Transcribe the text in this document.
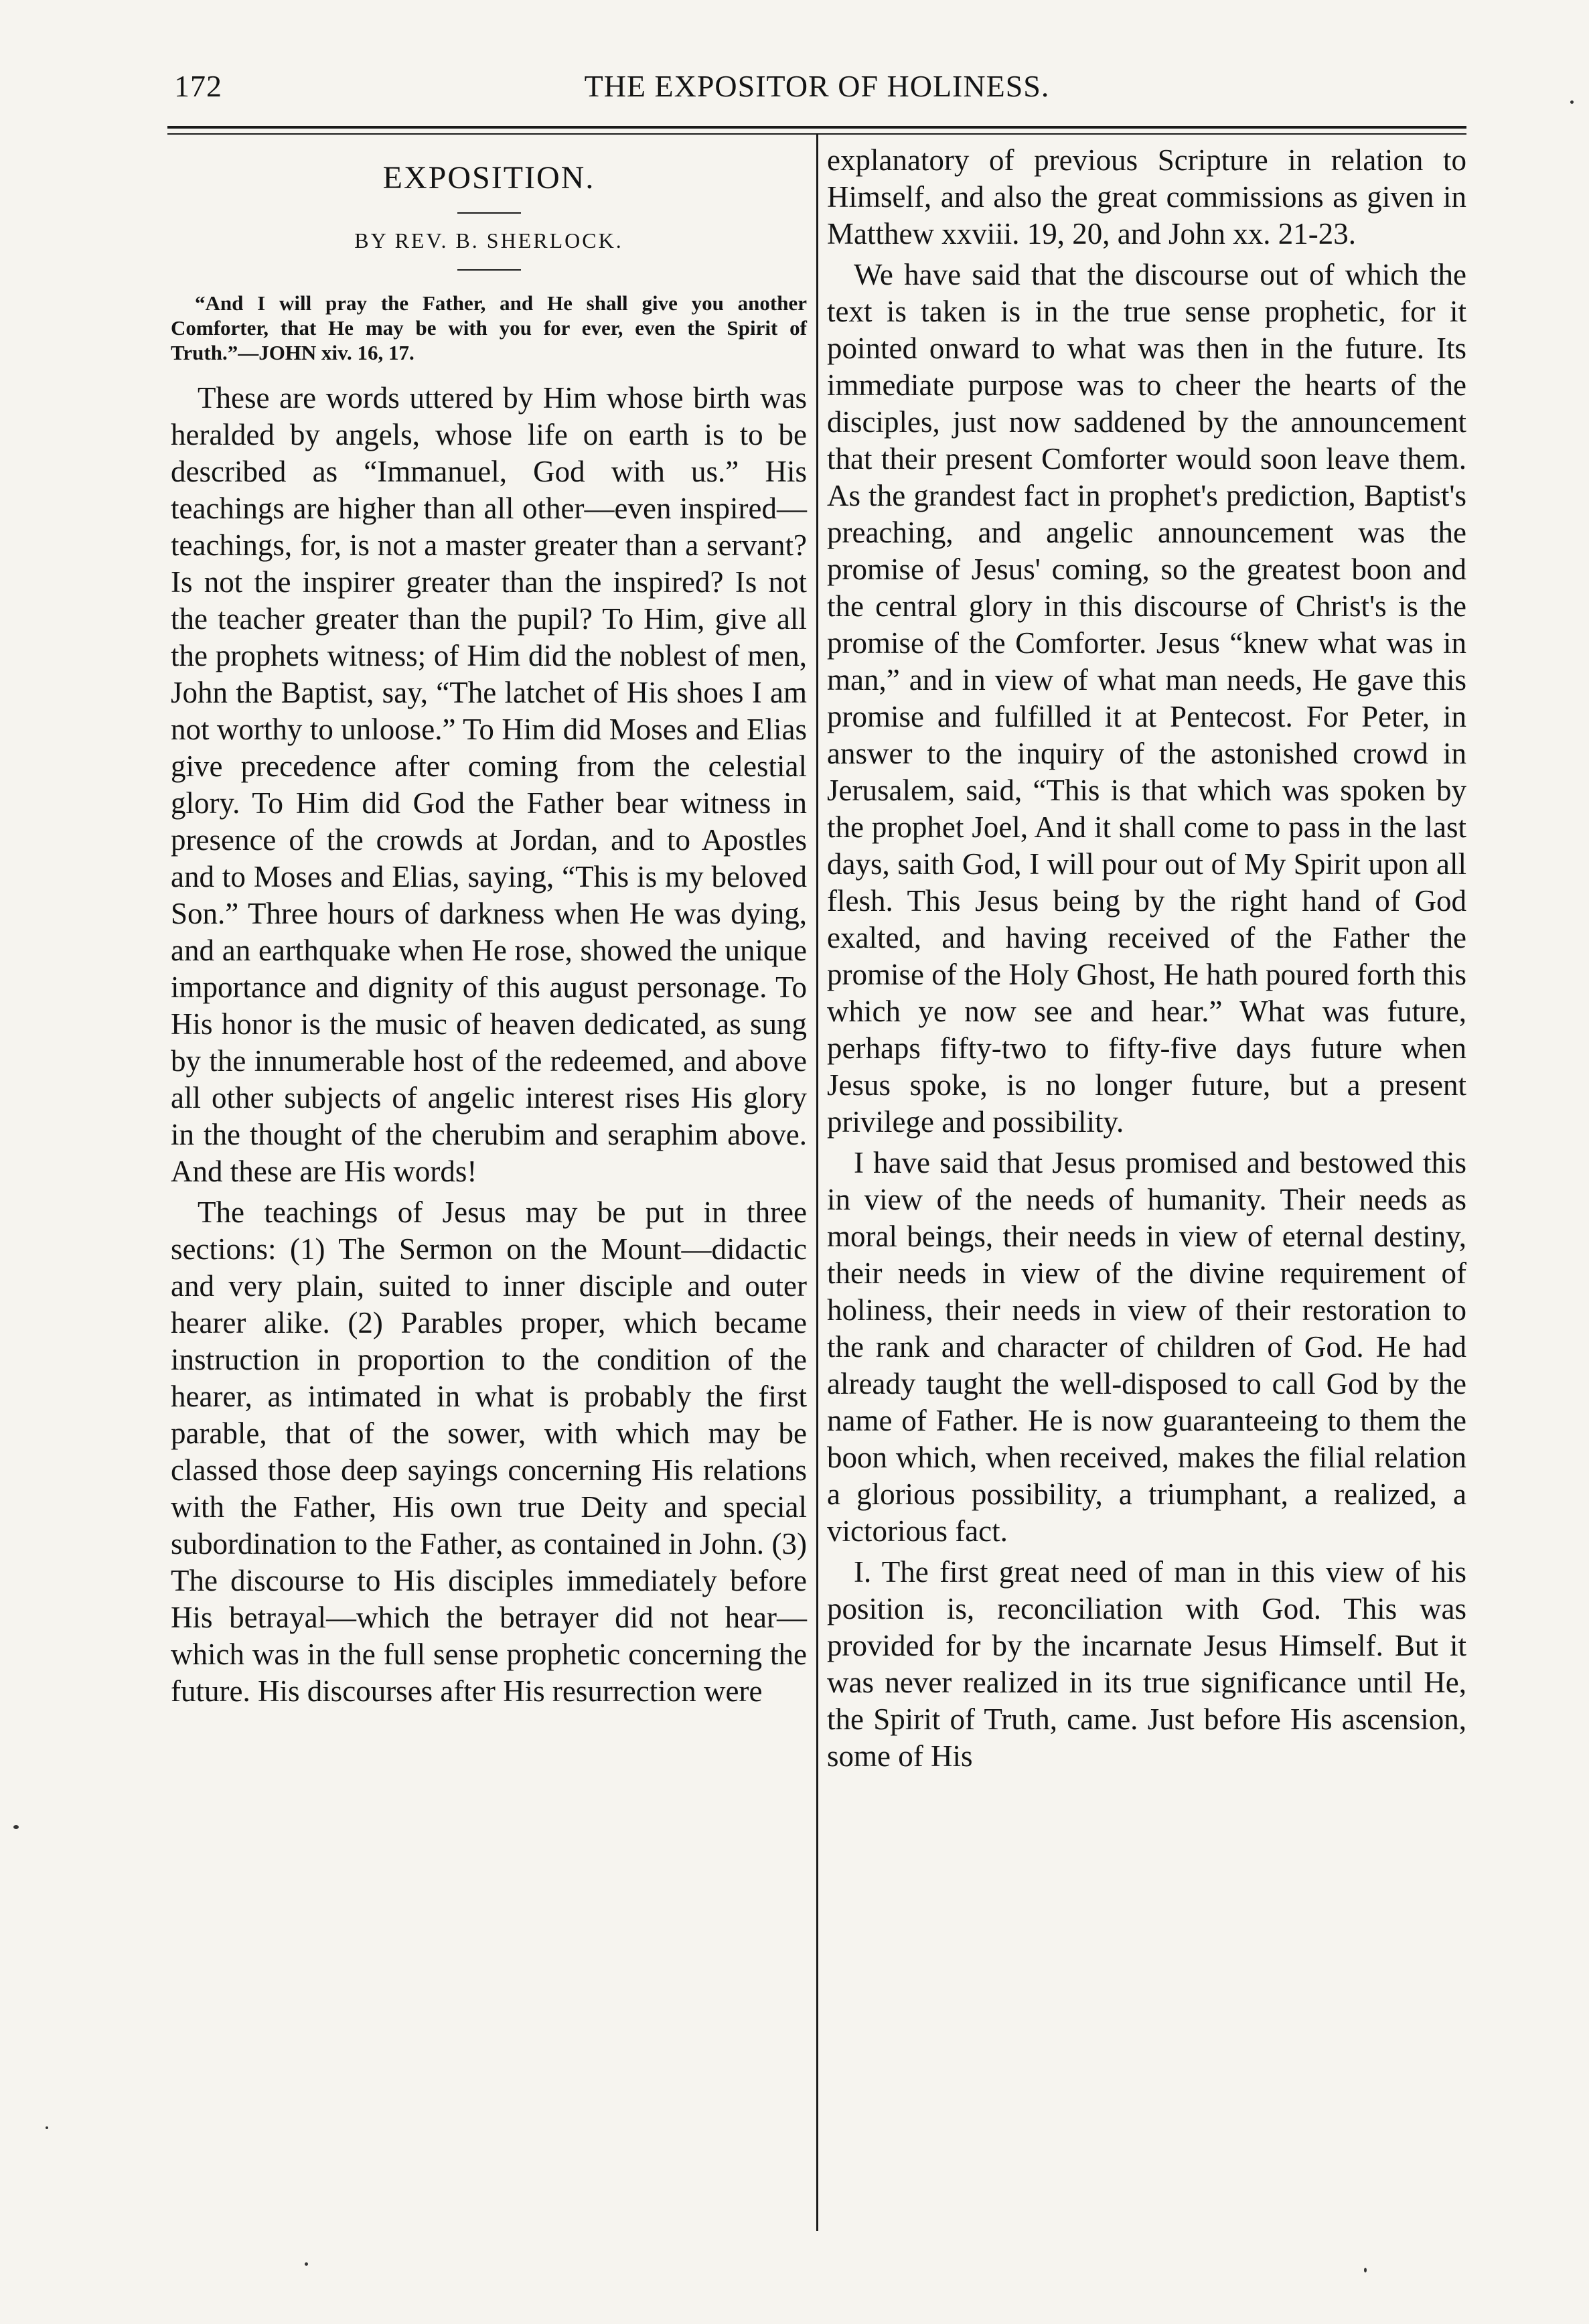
172	THE EXPOSITOR OF HOLINESS.
EXPOSITION.
BY REV. B. SHERLOCK.
“And I will pray the Father, and He shall give you another Comforter, that He may be with you for ever, even the Spirit of Truth.”—JOHN xiv. 16, 17.

These are words uttered by Him whose birth was heralded by angels, whose life on earth is to be described as “Immanuel, God with us.” His teachings are higher than all other—even inspired—teachings, for, is not a master greater than a servant? Is not the inspirer greater than the inspired? Is not the teacher greater than the pupil? To Him, give all the prophets witness; of Him did the noblest of men, John the Baptist, say, “The latchet of His shoes I am not worthy to unloose.” To Him did Moses and Elias give precedence after coming from the celestial glory. To Him did God the Father bear witness in presence of the crowds at Jordan, and to Apostles and to Moses and Elias, saying, “This is my beloved Son.” Three hours of darkness when He was dying, and an earthquake when He rose, showed the unique importance and dignity of this august personage. To His honor is the music of heaven dedicated, as sung by the innumerable host of the redeemed, and above all other subjects of angelic interest rises His glory in the thought of the cherubim and seraphim above. And these are His words!

The teachings of Jesus may be put in three sections: (1) The Sermon on the Mount—didactic and very plain, suited to inner disciple and outer hearer alike. (2) Parables proper, which became instruction in proportion to the condition of the hearer, as intimated in what is probably the first parable, that of the sower, with which may be classed those deep sayings concerning His relations with the Father, His own true Deity and special subordination to the Father, as contained in John. (3) The discourse to His disciples immediately before His betrayal—which the betrayer did not hear—which was in the full sense prophetic concerning the future. His discourses after His resurrection were

explanatory of previous Scripture in relation to Himself, and also the great commissions as given in Matthew xxviii. 19, 20, and John xx. 21-23.

We have said that the discourse out of which the text is taken is in the true sense prophetic, for it pointed onward to what was then in the future. Its immediate purpose was to cheer the hearts of the disciples, just now saddened by the announcement that their present Comforter would soon leave them. As the grandest fact in prophet's prediction, Baptist's preaching, and angelic announcement was the promise of Jesus' coming, so the greatest boon and the central glory in this discourse of Christ's is the promise of the Comforter. Jesus “knew what was in man,” and in view of what man needs, He gave this promise and fulfilled it at Pentecost. For Peter, in answer to the inquiry of the astonished crowd in Jerusalem, said, “This is that which was spoken by the prophet Joel, And it shall come to pass in the last days, saith God, I will pour out of My Spirit upon all flesh. This Jesus being by the right hand of God exalted, and having received of the Father the promise of the Holy Ghost, He hath poured forth this which ye now see and hear.” What was future, perhaps fifty-two to fifty-five days future when Jesus spoke, is no longer future, but a present privilege and possibility.

I have said that Jesus promised and bestowed this in view of the needs of humanity. Their needs as moral beings, their needs in view of eternal destiny, their needs in view of the divine requirement of holiness, their needs in view of their restoration to the rank and character of children of God. He had already taught the well-disposed to call God by the name of Father. He is now guaranteeing to them the boon which, when received, makes the filial relation a glorious possibility, a triumphant, a realized, a victorious fact.

I. The first great need of man in this view of his position is, reconciliation with God. This was provided for by the incarnate Jesus Himself. But it was never realized in its true significance until He, the Spirit of Truth, came. Just before His ascension, some of His
